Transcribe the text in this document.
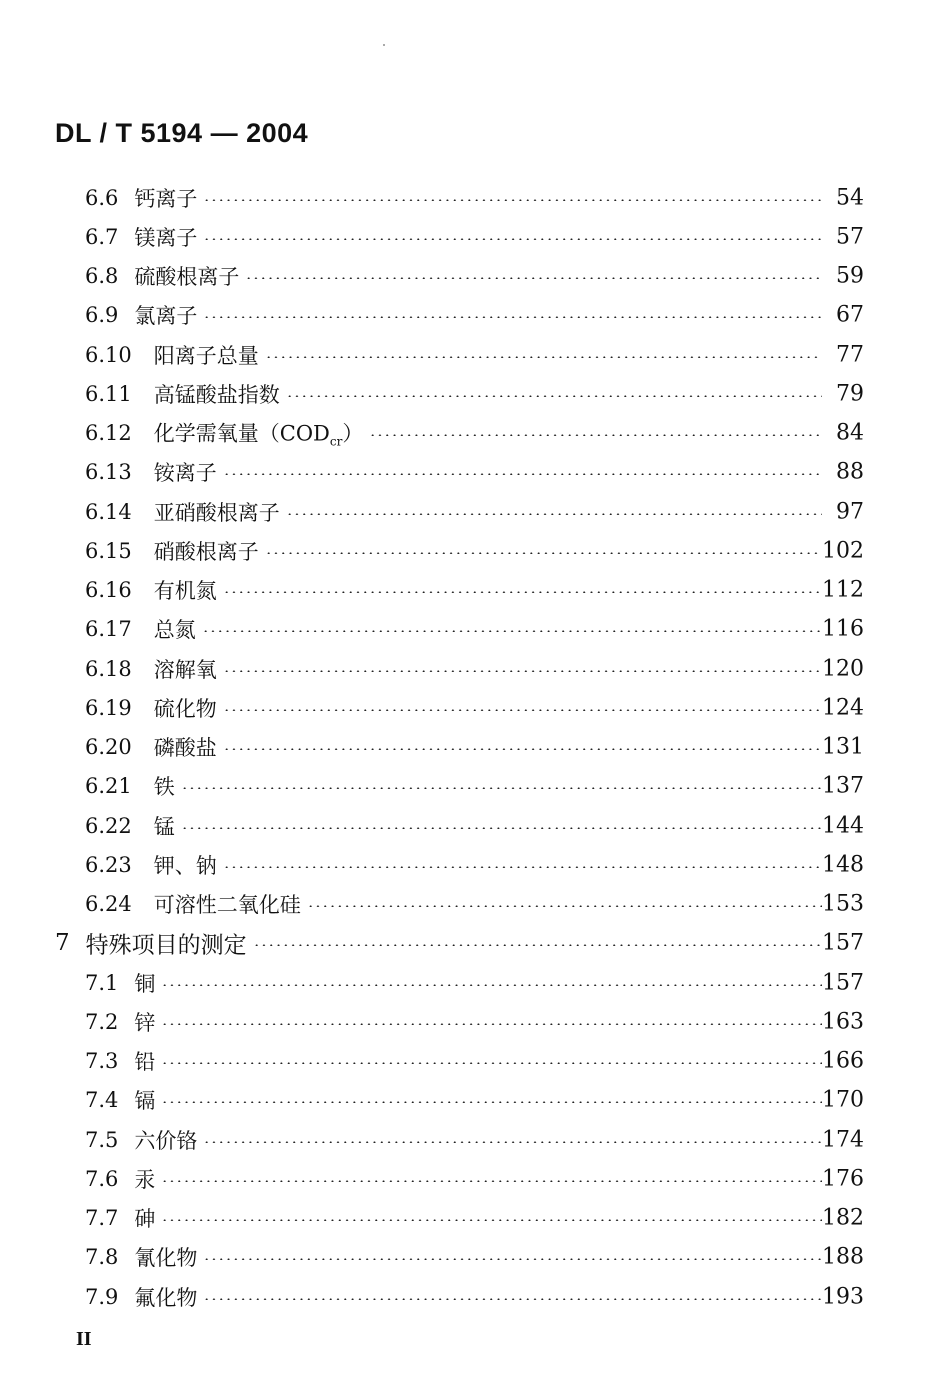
DL / T 5194 — 2004
6.6 钙离子	54
6.7 镁离子	57
6.8 硫酸根离子	59
6.9 氯离子	67
6.10 阳离子总量	77
6.11 高锰酸盐指数	79
6.12 化学需氧量$(COD_{cr})$	84
6.13 铵离子	88
6.14 亚硝酸根离子	97
6.15 硝酸根离子	102
6.16 有机氮	112
6.17 总氮	116
6.18 溶解氧	120
6.19 硫化物	124
6.20 磷酸盐	131
6.21 铁	137
6.22 锰	144
6.23 钾、钠	148
6.24 可溶性二氧化硅	153
7 特殊项目的测定	157
7.1 铜	157
7.2 锌	163
7.3 铅	166
7.4 镉	170
7.5 六价铬	174
7.6 汞	176
7.7 砷	182
7.8 氰化物	188
7.9 氟化物	193
II
